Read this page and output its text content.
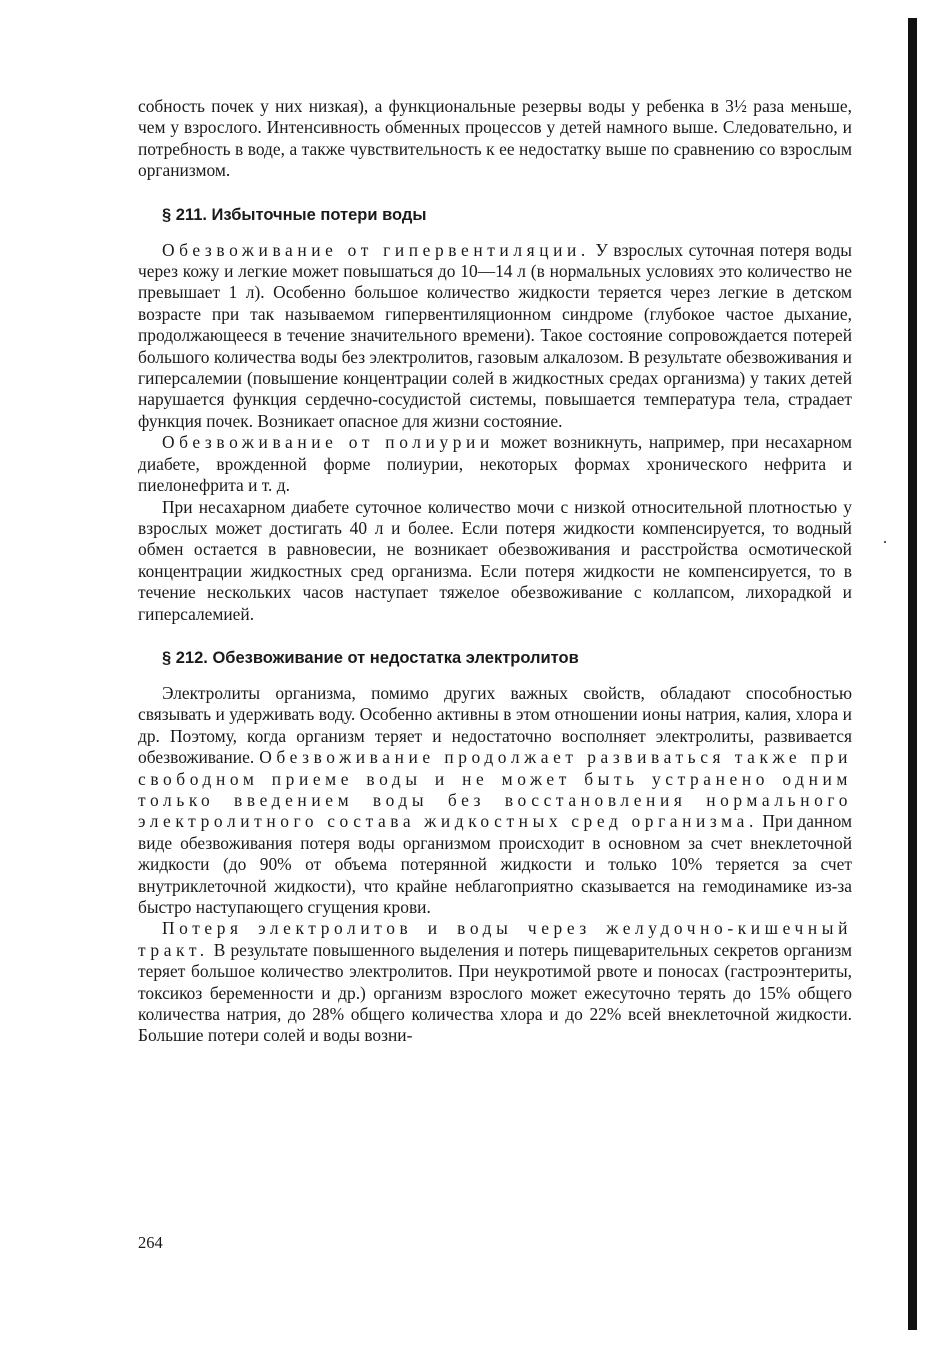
собность почек у них низкая), а функциональные резервы воды у ребенка в 3½ раза меньше, чем у взрослого. Интенсивность обменных процессов у детей намного выше. Следовательно, и потребность в воде, а также чувствительность к ее недостатку выше по сравнению со взрослым организмом.

§ 211. Избыточные потери воды

Обезвоживание от гипервентиляции. У взрослых суточная потеря воды через кожу и легкие может повышаться до 10—14 л (в нормальных условиях это количество не превышает 1 л). Особенно большое количество жидкости теряется через легкие в детском возрасте при так называемом гипервентиляционном синдроме (глубокое частое дыхание, продолжающееся в течение значительного времени). Такое состояние сопровождается потерей большого количества воды без электролитов, газовым алкалозом. В результате обезвоживания и гиперсалемии (повышение концентрации солей в жидкостных средах организма) у таких детей нарушается функция сердечно-сосудистой системы, повышается температура тела, страдает функция почек. Возникает опасное для жизни состояние.

Обезвоживание от полиурии может возникнуть, например, при несахарном диабете, врожденной форме полиурии, некоторых формах хронического нефрита и пиелонефрита и т. д.

При несахарном диабете суточное количество мочи с низкой относительной плотностью у взрослых может достигать 40 л и более. Если потеря жидкости компенсируется, то водный обмен остается в равновесии, не возникает обезвоживания и расстройства осмотической концентрации жидкостных сред организма. Если потеря жидкости не компенсируется, то в течение нескольких часов наступает тяжелое обезвоживание с коллапсом, лихорадкой и гиперсалемией.

§ 212. Обезвоживание от недостатка электролитов

Электролиты организма, помимо других важных свойств, обладают способностью связывать и удерживать воду. Особенно активны в этом отношении ионы натрия, калия, хлора и др. Поэтому, когда организм теряет и недостаточно восполняет электролиты, развивается обезвоживание. Обезвоживание продолжает развиваться также при свободном приеме воды и не может быть устранено одним только введением воды без восстановления нормального электролитного состава жидкостных сред организма. При данном виде обезвоживания потеря воды организмом происходит в основном за счет внеклеточной жидкости (до 90% от объема потерянной жидкости и только 10% теряется за счет внутриклеточной жидкости), что крайне неблагоприятно сказывается на гемодинамике из-за быстро наступающего сгущения крови.

Потеря электролитов и воды через желудочно-кишечный тракт. В результате повышенного выделения и потерь пищеварительных секретов организм теряет большое количество электролитов. При неукротимой рвоте и поносах (гастроэнтериты, токсикоз беременности и др.) организм взрослого может ежесуточно терять до 15% общего количества натрия, до 28% общего количества хлора и до 22% всей внеклеточной жидкости. Большие потери солей и воды возни-

264
